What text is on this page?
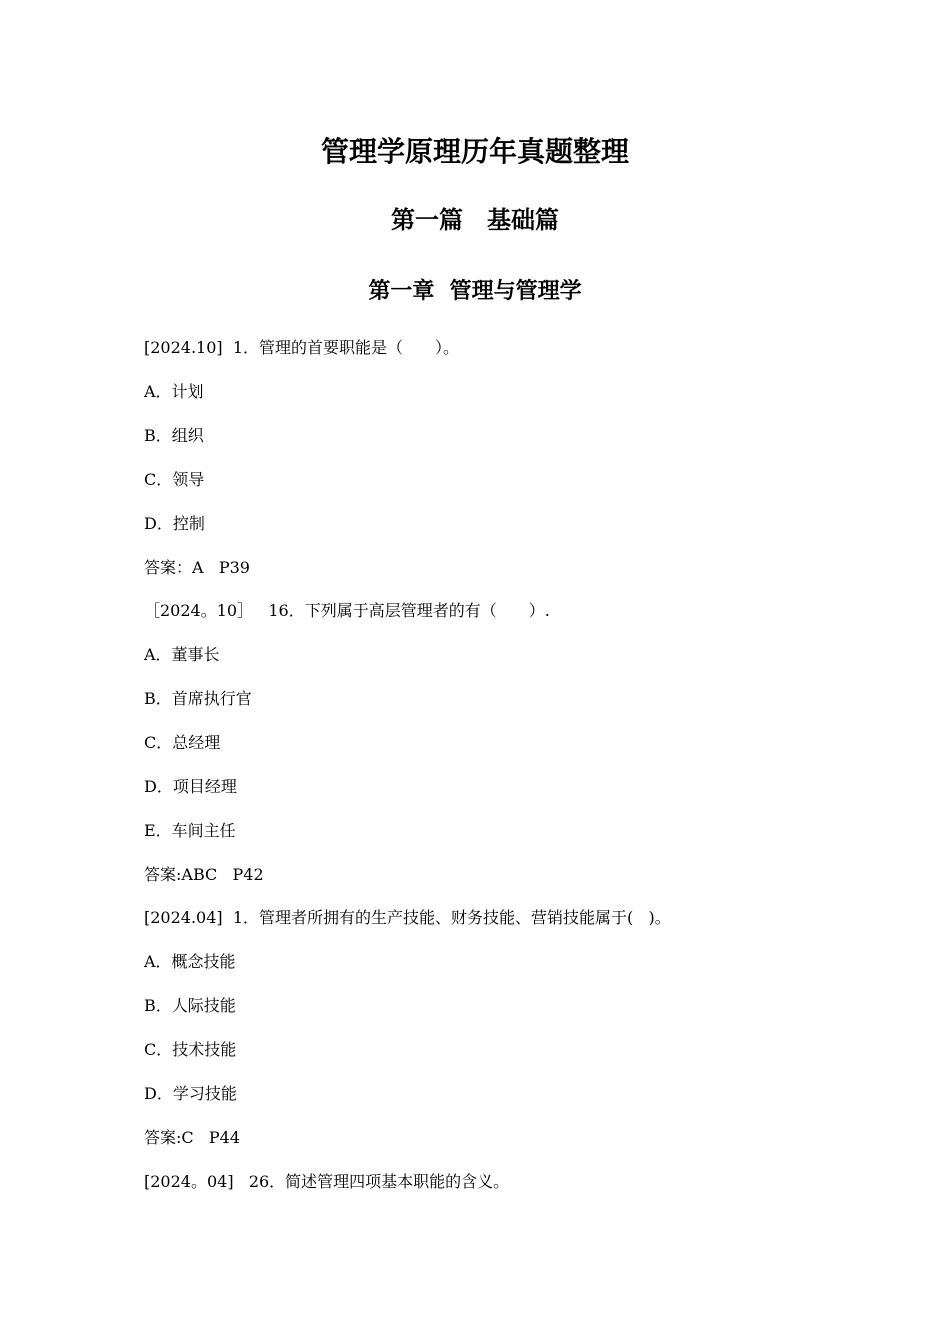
管理学原理历年真题整理
第一篇　基础篇
第一章  管理与管理学
[2024.10]  1．管理的首要职能是（　　）。
A．计划
B．组织
C．领导
D．控制
答案：A   P39
［2024。10］   16．下列属于高层管理者的有（　　）.
A．董事长
B．首席执行官
C．总经理
D．项目经理
E．车间主任
答案:ABC   P42
[2024.04]  1．管理者所拥有的生产技能、财务技能、营销技能属于(   )。
A．概念技能
B．人际技能
C．技术技能
D．学习技能
答案:C   P44
[2024。04]   26．简述管理四项基本职能的含义。
